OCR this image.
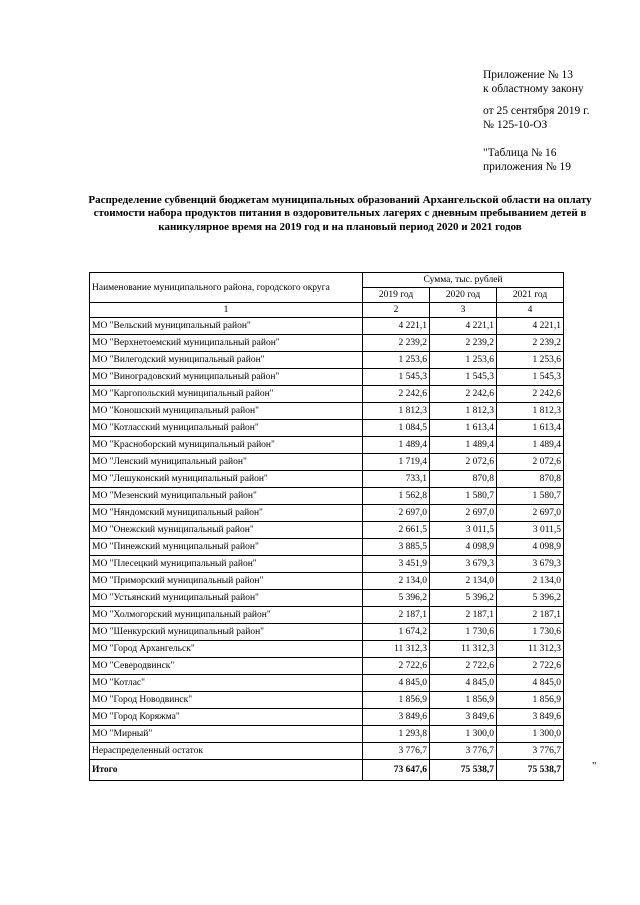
Приложение № 13
к областному закону
от 25 сентября 2019 г.
№ 125-10-ОЗ
"Таблица № 16
приложения № 19
Распределение субвенций бюджетам муниципальных образований Архангельской области на оплату стоимости набора продуктов питания в оздоровительных лагерях с дневным пребыванием детей в каникулярное время на 2019 год и на плановый период 2020 и 2021 годов
Наименование муниципального района, городского округа	Сумма, тыс. рублей		
	2019 год	2020 год	2021 год
1	2	3	4
МО "Вельский муниципальный район"	4 221,1	4 221,1	4 221,1
МО "Верхнетоемский муниципальный район"	2 239,2	2 239,2	2 239,2
МО "Вилегодский муниципальный район"	1 253,6	1 253,6	1 253,6
МО "Виноградовский муниципальный район"	1 545,3	1 545,3	1 545,3
МО "Каргопольский муниципальный район"	2 242,6	2 242,6	2 242,6
МО "Коношский муниципальный район"	1 812,3	1 812,3	1 812,3
МО "Котласский муниципальный район"	1 084,5	1 613,4	1 613,4
МО "Красноборский муниципальный район"	1 489,4	1 489,4	1 489,4
МО "Ленский муниципальный район"	1 719,4	2 072,6	2 072,6
МО "Лешуконский муниципальный район"	733,1	870,8	870,8
МО "Мезенский муниципальный район"	1 562,8	1 580,7	1 580,7
МО "Няндомский муниципальный район"	2 697,0	2 697,0	2 697,0
МО "Онежский муниципальный район"	2 661,5	3 011,5	3 011,5
МО "Пинежский муниципальный район"	3 885,5	4 098,9	4 098,9
МО "Плесецкий муниципальный район"	3 451,9	3 679,3	3 679,3
МО "Приморский муниципальный район"	2 134,0	2 134,0	2 134,0
МО "Устьянский муниципальный район"	5 396,2	5 396,2	5 396,2
МО "Холмогорский муниципальный район"	2 187,1	2 187,1	2 187,1
МО "Шенкурский муниципальный район"	1 674,2	1 730,6	1 730,6
МО "Город Архангельск"	11 312,3	11 312,3	11 312,3
МО "Северодвинск"	2 722,6	2 722,6	2 722,6
МО "Котлас"	4 845,0	4 845,0	4 845,0
МО "Город Новодвинск"	1 856,9	1 856,9	1 856,9
МО "Город Коряжма"	3 849,6	3 849,6	3 849,6
МО "Мирный"	1 293,8	1 300,0	1 300,0
Нераспределенный остаток	3 776,7	3 776,7	3 776,7
Итого	73 647,6	75 538,7	75 538,7	"
